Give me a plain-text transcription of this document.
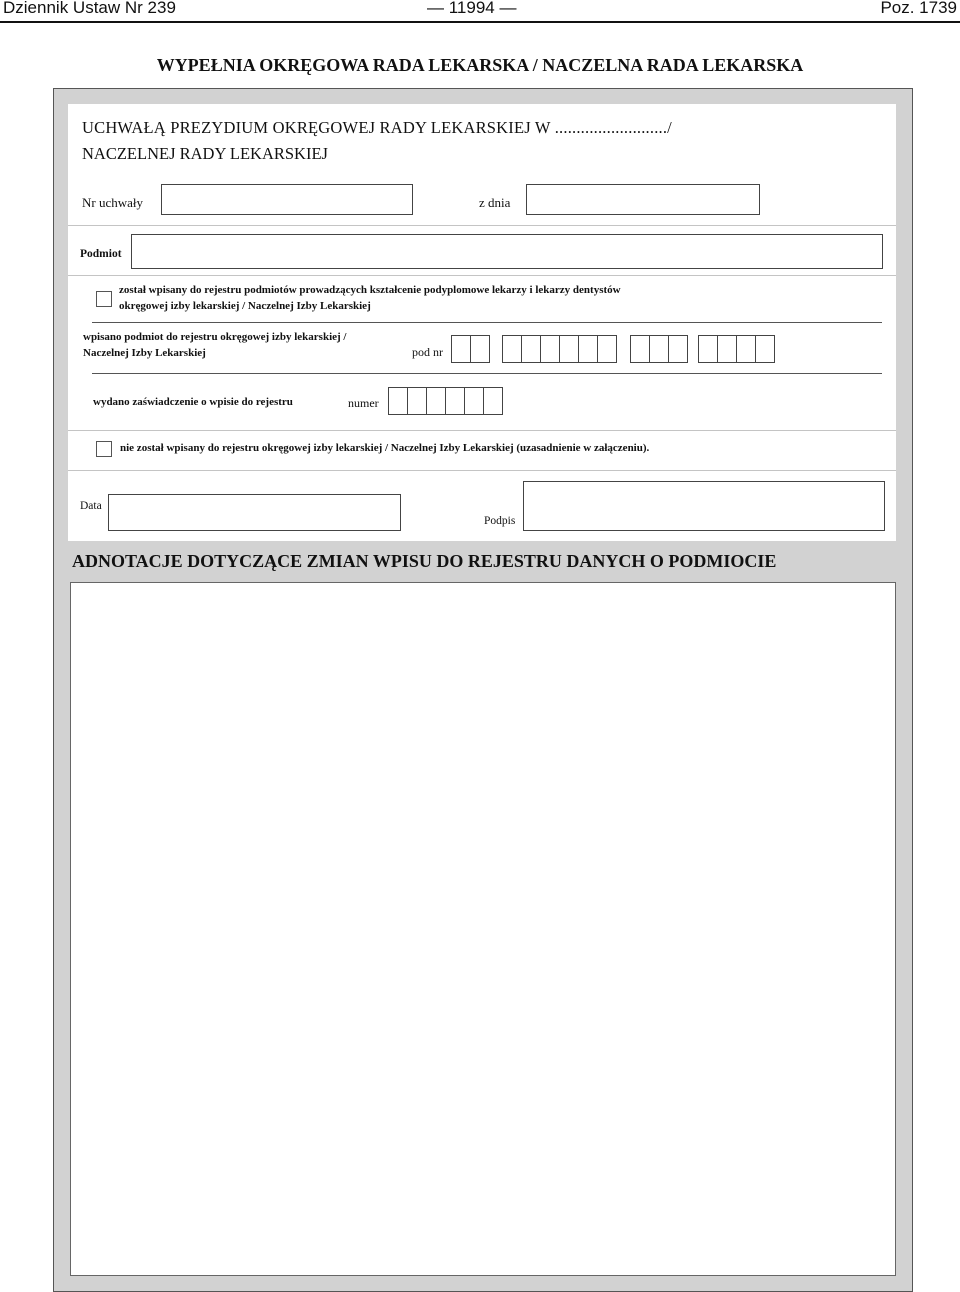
Dziennik Ustaw Nr 239	— 11994 —	Poz. 1739
WYPEŁNIA OKRĘGOWA RADA LEKARSKA / NACZELNA RADA LEKARSKA
UCHWAŁĄ PREZYDIUM OKRĘGOWEJ RADY LEKARSKIEJ W ........................../
NACZELNEJ RADY LEKARSKIEJ
Nr uchwały	z dnia
Podmiot
został wpisany do rejestru podmiotów prowadzących kształcenie podyplomowe lekarzy i lekarzy dentystów
okręgowej izby lekarskiej / Naczelnej Izby Lekarskiej
wpisano podmiot do rejestru okręgowej izby lekarskiej /
Naczelnej Izby Lekarskiej	pod nr
wydano zaświadczenie o wpisie do rejestru	numer
nie został wpisany do rejestru okręgowej izby lekarskiej / Naczelnej Izby Lekarskiej (uzasadnienie w załączeniu).
Data
Podpis
ADNOTACJE DOTYCZĄCE ZMIAN WPISU DO REJESTRU DANYCH O PODMIOCIE
